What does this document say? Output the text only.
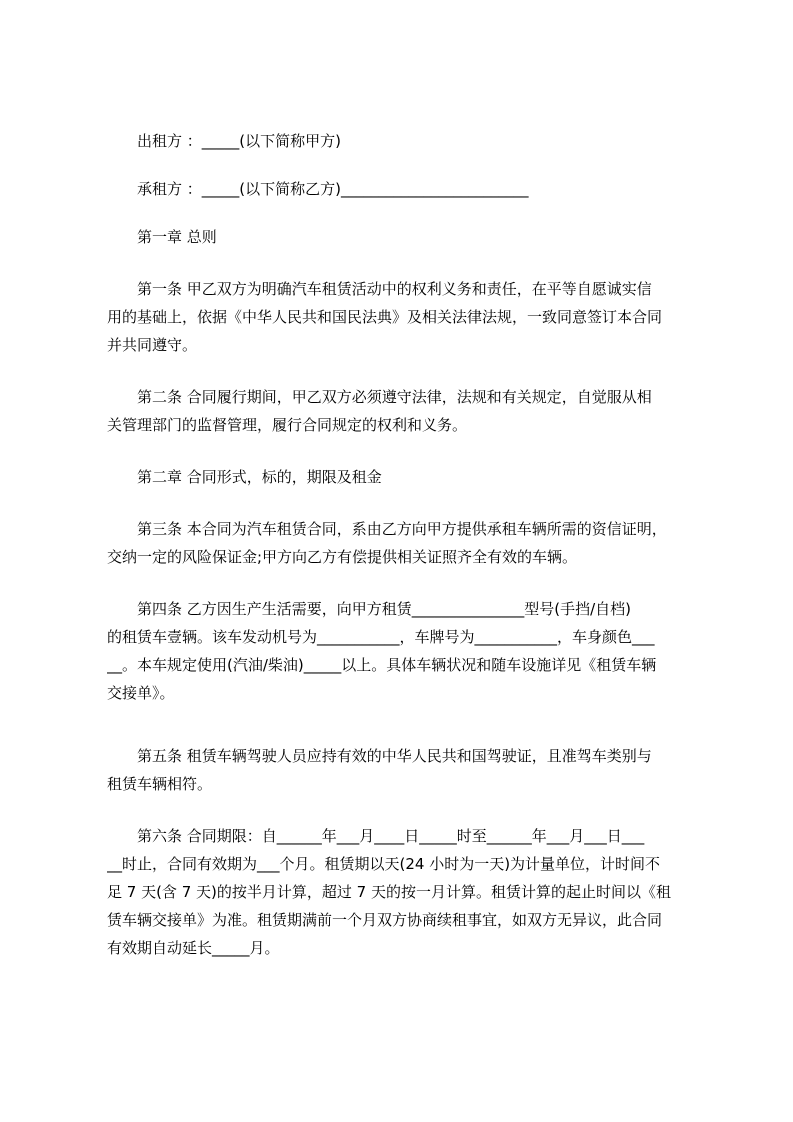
出租方 ：_____(以下简称甲方)

承租方 ：_____(以下简称乙方)_________________________

第一章 总则

第一条 甲乙双方为明确汽车租赁活动中的权利义务和责任，在平等自愿诚实信

用的基础上，依据《中华人民共和国民法典》及相关法律法规，一致同意签订本合同

并共同遵守。

第二条 合同履行期间，甲乙双方必须遵守法律，法规和有关规定，自觉服从相

关管理部门的监督管理，履行合同规定的权利和义务。

第二章 合同形式，标的，期限及租金

第三条 本合同为汽车租赁合同，系由乙方向甲方提供承租车辆所需的资信证明，

交纳一定的风险保证金;甲方向乙方有偿提供相关证照齐全有效的车辆。

第四条 乙方因生产生活需要，向甲方租赁_______________型号(手挡/自档)

的租赁车壹辆。该车发动机号为___________，车牌号为___________，车身颜色___

__。本车规定使用(汽油/柴油)_____以上。具体车辆状况和随车设施详见《租赁车辆

交接单》。

第五条 租赁车辆驾驶人员应持有效的中华人民共和国驾驶证，且准驾车类别与

租赁车辆相符。

第六条 合同期限：自______年___月____日_____时至______年___月___日___

__时止，合同有效期为___个月。租赁期以天(24 小时为一天)为计量单位，计时间不

足 7 天(含 7 天)的按半月计算，超过 7 天的按一月计算。租赁计算的起止时间以《租

赁车辆交接单》为准。租赁期满前一个月双方协商续租事宜，如双方无异议，此合同

有效期自动延长_____月。
